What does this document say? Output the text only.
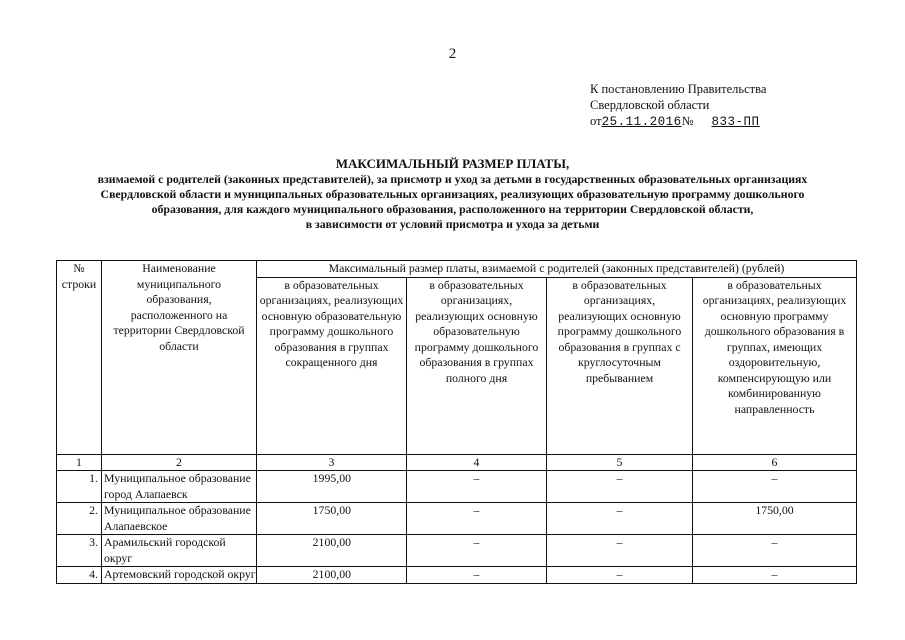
2
К постановлению Правительства
Свердловской области
от25.11.2016№ 833-ПП
МАКСИМАЛЬНЫЙ РАЗМЕР ПЛАТЫ,
взимаемой с родителей (законных представителей), за присмотр и уход за детьми в государственных образовательных организациях
Свердловской области и муниципальных образовательных организациях, реализующих образовательную программу дошкольного
образования, для каждого муниципального образования, расположенного на территории Свердловской области,
в зависимости от условий присмотра и ухода за детьми
№ строки	Наименование муниципального образования, расположенного на территории Свердловской области	Максимальный размер платы, взимаемой с родителей (законных представителей) (рублей)			
		в образовательных организациях, реализующих основную образовательную программу дошкольного образования в группах сокращенного дня	в образовательных организациях, реализующих основную образовательную программу дошкольного образования в группах полного дня	в образовательных организациях, реализующих основную программу дошкольного образования в группах с круглосуточным пребыванием	в образовательных организациях, реализующих основную программу дошкольного образования в группах, имеющих оздоровительную, компенсирующую или комбинированную направленность
1	2	3	4	5	6
1.	Муниципальное образование город Алапаевск	1995,00	–	–	–
2.	Муниципальное образование Алапаевское	1750,00	–	–	1750,00
3.	Арамильский городской округ	2100,00	–	–	–
4.	Артемовский городской округ	2100,00	–	–	–
